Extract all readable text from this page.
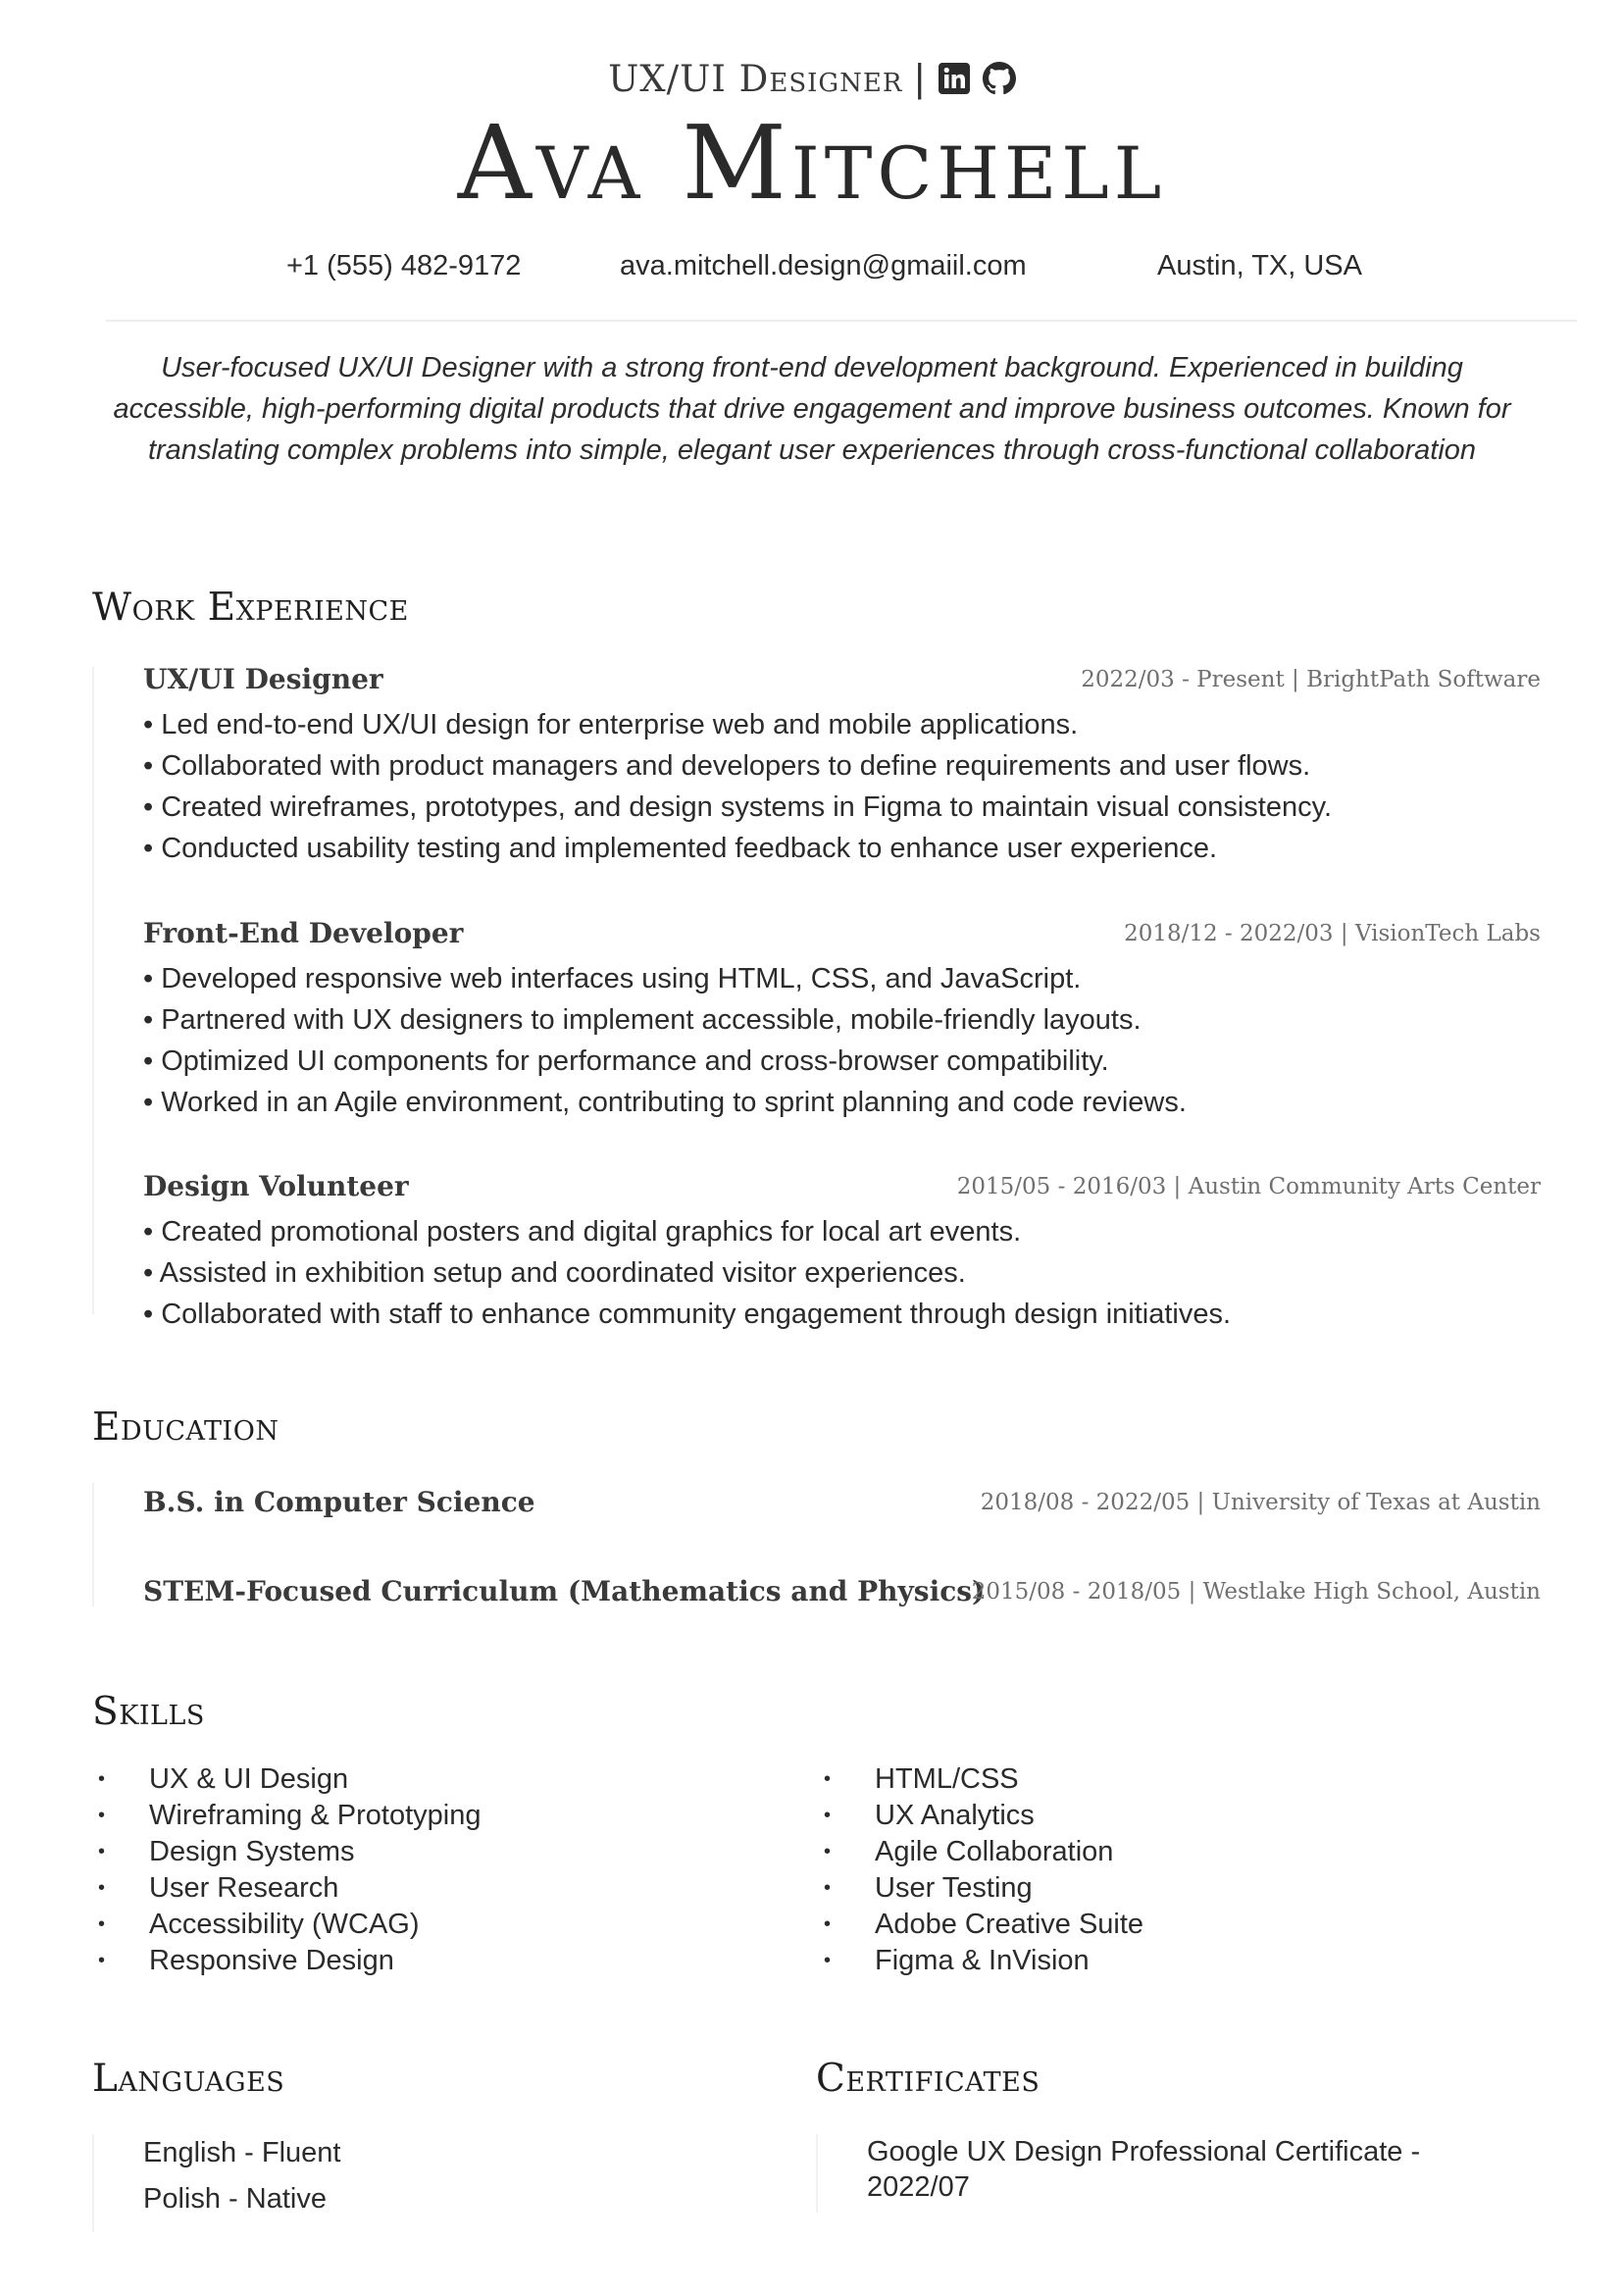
UX/UI Designer |
Ava Mitchell
+1 (555) 482-9172	ava.mitchell.design@gmaiil.com	Austin, TX, USA
User-focused UX/UI Designer with a strong front-end development background. Experienced in building accessible, high-performing digital products that drive engagement and improve business outcomes. Known for translating complex problems into simple, elegant user experiences through cross-functional collaboration
Work Experience
UX/UI Designer	2022/03 - Present | BrightPath Software
• Led end-to-end UX/UI design for enterprise web and mobile applications.
• Collaborated with product managers and developers to define requirements and user flows.
• Created wireframes, prototypes, and design systems in Figma to maintain visual consistency.
• Conducted usability testing and implemented feedback to enhance user experience.
Front-End Developer	2018/12 - 2022/03 | VisionTech Labs
• Developed responsive web interfaces using HTML, CSS, and JavaScript.
• Partnered with UX designers to implement accessible, mobile-friendly layouts.
• Optimized UI components for performance and cross-browser compatibility.
• Worked in an Agile environment, contributing to sprint planning and code reviews.
Design Volunteer	2015/05 - 2016/03 | Austin Community Arts Center
• Created promotional posters and digital graphics for local art events.
• Assisted in exhibition setup and coordinated visitor experiences.
• Collaborated with staff to enhance community engagement through design initiatives.
Education
B.S. in Computer Science	2018/08 - 2022/05 | University of Texas at Austin
STEM-Focused Curriculum (Mathematics and Physics)
2015/08 - 2018/05 | Westlake High School, Austin
Skills
• UX & UI Design
• Wireframing & Prototyping
• Design Systems
• User Research
• Accessibility (WCAG)
• Responsive Design
• HTML/CSS
• UX Analytics
• Agile Collaboration
• User Testing
• Adobe Creative Suite
• Figma & InVision
Languages
English - Fluent
Polish - Native
Certificates
Google UX Design Professional Certificate - 2022/07
